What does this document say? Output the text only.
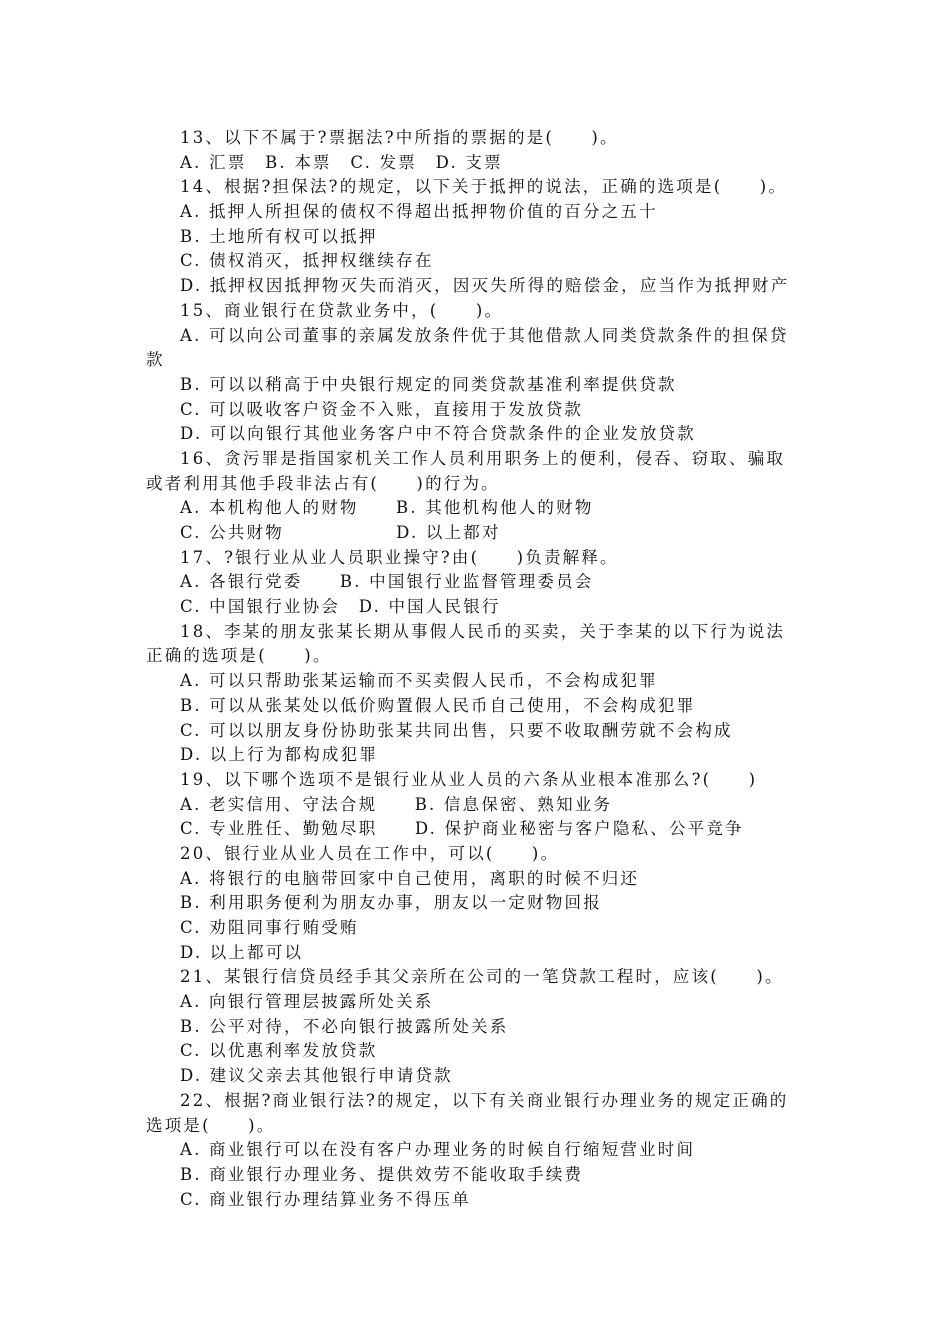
13、以下不属于?票据法?中所指的票据的是(　　)。
A. 汇票　B. 本票　C. 发票　D. 支票
14、根据?担保法?的规定，以下关于抵押的说法，正确的选项是(　　)。
A. 抵押人所担保的债权不得超出抵押物价值的百分之五十
B. 土地所有权可以抵押
C. 债权消灭，抵押权继续存在
D. 抵押权因抵押物灭失而消灭，因灭失所得的赔偿金，应当作为抵押财产
15、商业银行在贷款业务中，(　　)。
A. 可以向公司董事的亲属发放条件优于其他借款人同类贷款条件的担保贷
款
B. 可以以稍高于中央银行规定的同类贷款基准利率提供贷款
C. 可以吸收客户资金不入账，直接用于发放贷款
D. 可以向银行其他业务客户中不符合贷款条件的企业发放贷款
16、贪污罪是指国家机关工作人员利用职务上的便利，侵吞、窃取、骗取
或者利用其他手段非法占有(　　)的行为。
A. 本机构他人的财物　　B. 其他机构他人的财物
C. 公共财物　　　　　　D. 以上都对
17、?银行业从业人员职业操守?由(　　)负责解释。
A. 各银行党委　　B. 中国银行业监督管理委员会
C. 中国银行业协会　D. 中国人民银行
18、李某的朋友张某长期从事假人民币的买卖，关于李某的以下行为说法
正确的选项是(　　)。
A. 可以只帮助张某运输而不买卖假人民币，不会构成犯罪
B. 可以从张某处以低价购置假人民币自己使用，不会构成犯罪
C. 可以以朋友身份协助张某共同出售，只要不收取酬劳就不会构成
D. 以上行为都构成犯罪
19、以下哪个选项不是银行业从业人员的六条从业根本准那么?(　　)
A. 老实信用、守法合规　　B. 信息保密、熟知业务
C. 专业胜任、勤勉尽职　　D. 保护商业秘密与客户隐私、公平竞争
20、银行业从业人员在工作中，可以(　　)。
A. 将银行的电脑带回家中自己使用，离职的时候不归还
B. 利用职务便利为朋友办事，朋友以一定财物回报
C. 劝阻同事行贿受贿
D. 以上都可以
21、某银行信贷员经手其父亲所在公司的一笔贷款工程时，应该(　　)。
A. 向银行管理层披露所处关系
B. 公平对待，不必向银行披露所处关系
C. 以优惠利率发放贷款
D. 建议父亲去其他银行申请贷款
22、根据?商业银行法?的规定，以下有关商业银行办理业务的规定正确的
选项是(　　)。
A. 商业银行可以在没有客户办理业务的时候自行缩短营业时间
B. 商业银行办理业务、提供效劳不能收取手续费
C. 商业银行办理结算业务不得压单
